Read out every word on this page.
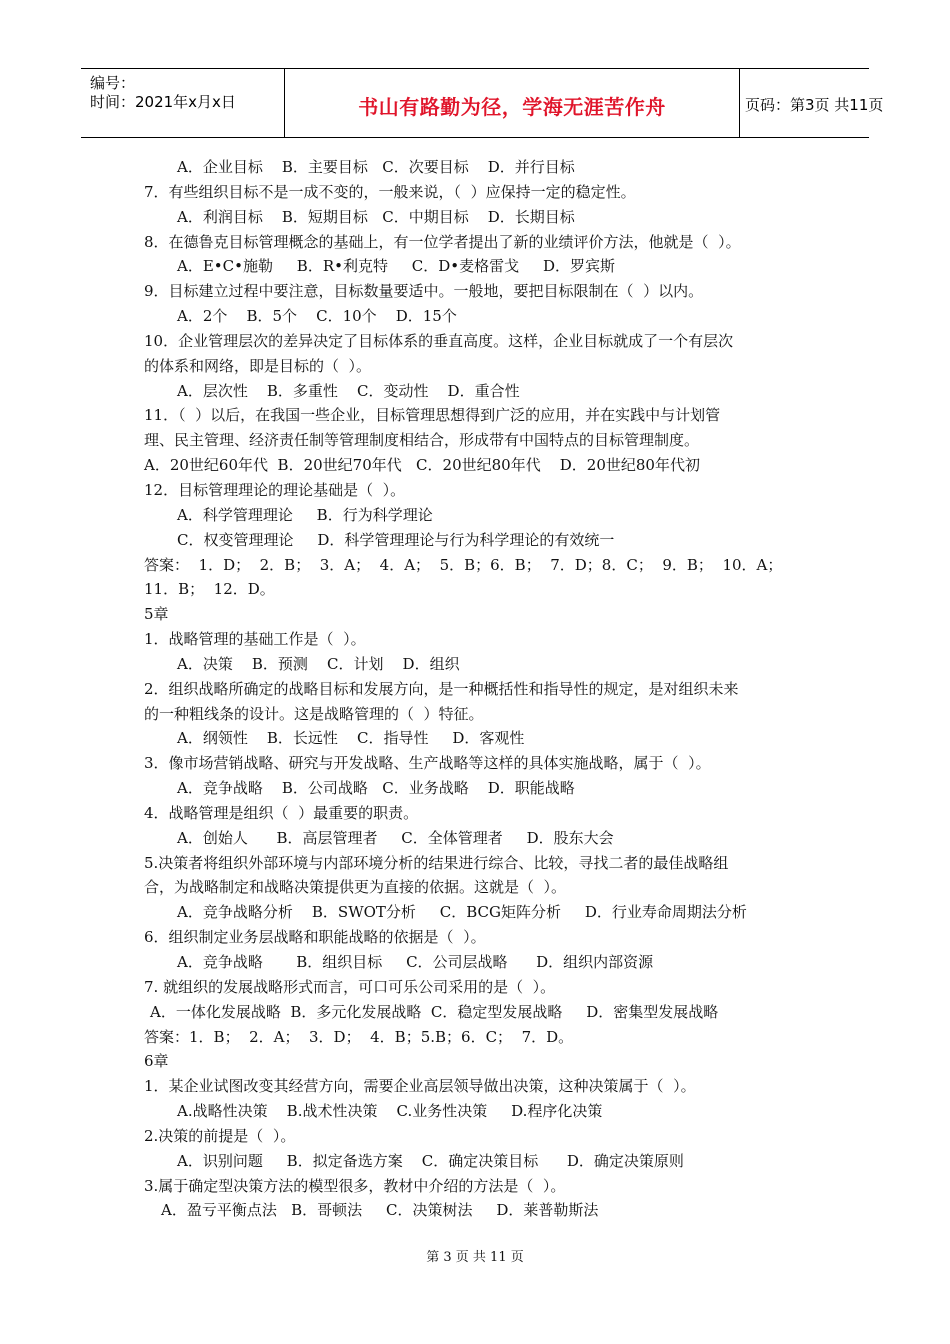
编号：
时间：2021年x月x日	书山有路勤为径，学海无涯苦作舟	页码：第3页 共11页
A．企业目标    B．主要目标   C．次要目标    D．并行目标
7．有些组织目标不是一成不变的，一般来说，（  ）应保持一定的稳定性。
A．利润目标    B．短期目标   C．中期目标    D．长期目标
8．在德鲁克目标管理概念的基础上，有一位学者提出了新的业绩评价方法，他就是（  ）。
A．E•C•施勒     B．R•利克特     C．D•麦格雷戈     D．罗宾斯
9．目标建立过程中要注意，目标数量要适中。一般地，要把目标限制在（  ）以内。
A．2个    B．5个    C．10个    D．15个
10．企业管理层次的差异决定了目标体系的垂直高度。这样，企业目标就成了一个有层次
的体系和网络，即是目标的（  ）。
A．层次性    B．多重性    C．变动性    D．重合性
11．（  ）以后，在我国一些企业，目标管理思想得到广泛的应用，并在实践中与计划管
理、民主管理、经济责任制等管理制度相结合，形成带有中国特点的目标管理制度。
A．20世纪60年代  B．20世纪70年代   C．20世纪80年代    D．20世纪80年代初
12．目标管理理论的理论基础是（  ）。
A．科学管理理论     B．行为科学理论
C．权变管理理论     D．科学管理理论与行为科学理论的有效统一
答案：  1．D；  2．B；  3．A；  4．A；  5．B；6．B；  7．D；8．C；  9．B；  10．A；
11．B；  12．D。
5章
1．战略管理的基础工作是（  ）。
A．决策    B．预测    C．计划    D．组织
2．组织战略所确定的战略目标和发展方向，是一种概括性和指导性的规定，是对组织未来
的一种粗线条的设计。这是战略管理的（  ）特征。
A．纲领性    B．长远性    C．指导性     D．客观性
3．像市场营销战略、研究与开发战略、生产战略等这样的具体实施战略，属于（  ）。
A．竞争战略    B．公司战略   C．业务战略    D．职能战略
4．战略管理是组织（  ）最重要的职责。
A．创始人      B．高层管理者     C．全体管理者     D．股东大会
5.决策者将组织外部环境与内部环境分析的结果进行综合、比较，寻找二者的最佳战略组
合，为战略制定和战略决策提供更为直接的依据。这就是（  ）。
A．竞争战略分析    B．SWOT分析     C．BCG矩阵分析     D．行业寿命周期法分析
6．组织制定业务层战略和职能战略的依据是（  ）。
A．竞争战略       B．组织目标     C．公司层战略      D．组织内部资源
7. 就组织的发展战略形式而言，可口可乐公司采用的是（  ）。
A．一体化发展战略  B．多元化发展战略  C．稳定型发展战略     D．密集型发展战略
答案：1．B；  2．A；  3．D；  4．B；5.B；6．C；  7．D。
6章
1．某企业试图改变其经营方向，需要企业高层领导做出决策，这种决策属于（  ）。
A.战略性决策    B.战术性决策    C.业务性决策     D.程序化决策
2.决策的前提是（  ）。
A．识别问题     B．拟定备选方案    C．确定决策目标      D．确定决策原则
3.属于确定型决策方法的模型很多，教材中介绍的方法是（  ）。
A．盈亏平衡点法   B．哥顿法     C．决策树法     D．莱普勒斯法
第 3 页 共 11 页
